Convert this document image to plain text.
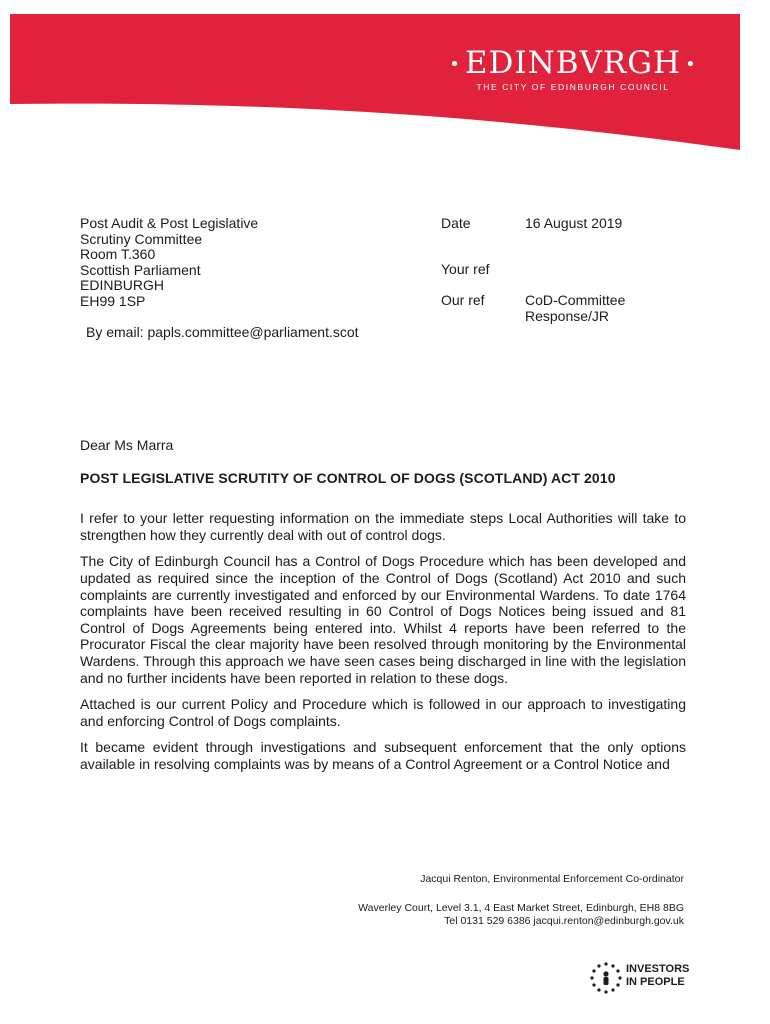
• EDINBVRGH •
THE CITY OF EDINBURGH COUNCIL
Post Audit & Post Legislative
Scrutiny Committee
Room T.360
Scottish Parliament
EDINBURGH
EH99 1SP
Date	16 August 2019
Your ref
Our ref	CoD-Committee
Response/JR
By email: papls.committee@parliament.scot

Dear Ms Marra

POST LEGISLATIVE SCRUTITY OF CONTROL OF DOGS (SCOTLAND) ACT 2010

I refer to your letter requesting information on the immediate steps Local Authorities will take to strengthen how they currently deal with out of control dogs.

The City of Edinburgh Council has a Control of Dogs Procedure which has been developed and updated as required since the inception of the Control of Dogs (Scotland) Act 2010 and such complaints are currently investigated and enforced by our Environmental Wardens. To date 1764 complaints have been received resulting in 60 Control of Dogs Notices being issued and 81 Control of Dogs Agreements being entered into. Whilst 4 reports have been referred to the Procurator Fiscal the clear majority have been resolved through monitoring by the Environmental Wardens. Through this approach we have seen cases being discharged in line with the legislation and no further incidents have been reported in relation to these dogs.

Attached is our current Policy and Procedure which is followed in our approach to investigating and enforcing Control of Dogs complaints.

It became evident through investigations and subsequent enforcement that the only options available in resolving complaints was by means of a Control Agreement or a Control Notice and

Jacqui Renton, Environmental Enforcement Co-ordinator
Waverley Court, Level 3.1, 4 East Market Street, Edinburgh, EH8 8BG
Tel 0131 529 6386 jacqui.renton@edinburgh.gov.uk
INVESTORS
IN PEOPLE
